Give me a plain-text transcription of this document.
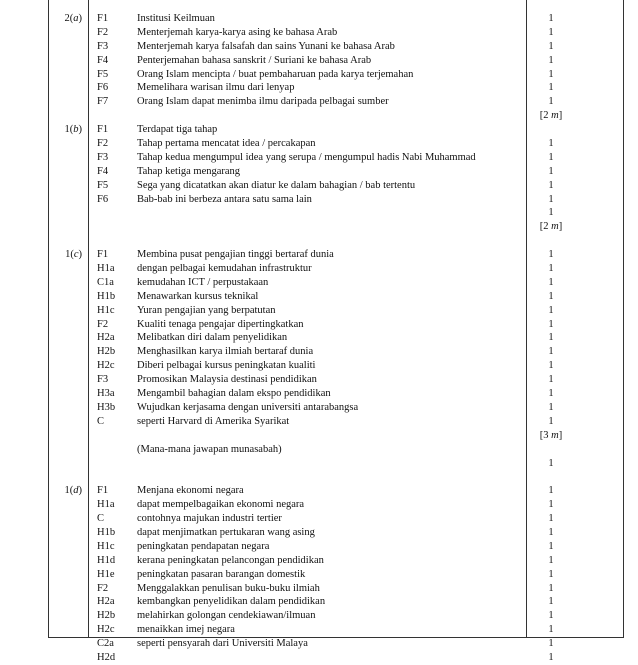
2(a) F1	Institusi Keilmuan	1
F2	Menterjemah karya-karya asing ke bahasa Arab	1
F3	Menterjemah karya falsafah dan sains Yunani ke bahasa Arab	1
F4	Penterjemahan bahasa sanskrit / Suriani ke bahasa Arab	1
F5	Orang Islam mencipta / buat pembaharuan pada karya terjemahan	1
F6	Memelihara warisan ilmu dari lenyap	1
F7	Orang Islam dapat menimba ilmu daripada pelbagai sumber	1
[2 m]
1(b) F1	Terdapat tiga tahap
F2	Tahap pertama mencatat idea / percakapan	1
F3	Tahap kedua mengumpul idea yang serupa / mengumpul hadis Nabi Muhammad	1
F4	Tahap ketiga mengarang	1
F5	Sega yang dicatatkan akan diatur ke dalam bahagian / bab tertentu	1
F6	Bab-bab ini berbeza antara satu sama lain	1
1
[2 m]
1(c) F1	Membina pusat pengajian tinggi bertaraf dunia	1
H1a dengan pelbagai kemudahan infrastruktur	1
C1a kemudahan ICT / perpustakaan	1
H1b Menawarkan kursus teknikal	1
H1c Yuran pengajian yang berpatutan	1
F2	Kualiti tenaga pengajar dipertingkatkan	1
H2a Melibatkan diri dalam penyelidikan	1
H2b Menghasilkan karya ilmiah bertaraf dunia	1
H2c Diberi pelbagai kursus peningkatan kualiti	1
F3	Promosikan Malaysia destinasi pendidikan	1
H3a Mengambil bahagian dalam ekspo pendidikan	1
H3b Wujudkan kerjasama dengan universiti antarabangsa	1
C	seperti Harvard di Amerika Syarikat	1
[3 m]
(Mana-mana jawapan munasabah)
1
1(d) F1	Menjana ekonomi negara	1
H1a dapat mempelbagaikan ekonomi negara	1
C	contohnya majukan industri tertier	1
H1b dapat menjimatkan pertukaran wang asing	1
H1c peningkatan pendapatan negara	1
H1d kerana peningkatan pelancongan pendidikan	1
H1e peningkatan pasaran barangan domestik	1
F2	Menggalakkan penulisan buku-buku ilmiah	1
H2a kembangkan penyelidikan dalam pendidikan	1
H2b melahirkan golongan cendekiawan/ilmuan	1
H2c menaikkan imej negara	1
C2a seperti pensyarah dari Universiti Malaya	1
H2d	1
